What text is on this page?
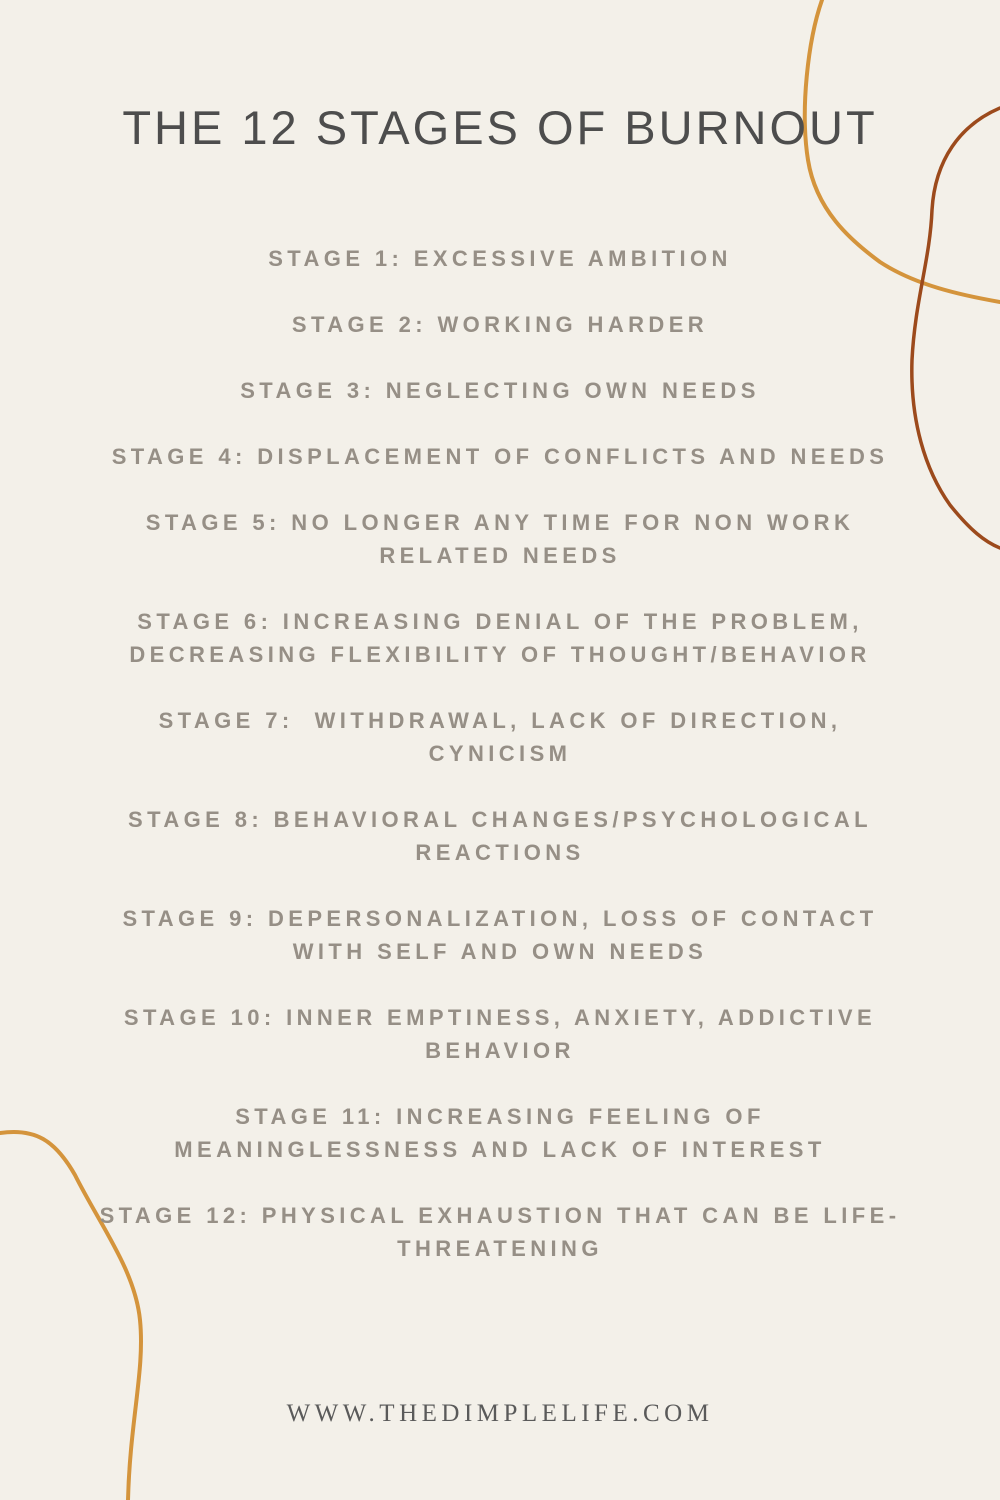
THE 12 STAGES OF BURNOUT
STAGE 1: EXCESSIVE AMBITION
STAGE 2: WORKING HARDER
STAGE 3: NEGLECTING OWN NEEDS
STAGE 4: DISPLACEMENT OF CONFLICTS AND NEEDS
STAGE 5: NO LONGER ANY TIME FOR NON WORK RELATED NEEDS
STAGE 6: INCREASING DENIAL OF THE PROBLEM, DECREASING FLEXIBILITY OF THOUGHT/BEHAVIOR
STAGE 7:  WITHDRAWAL, LACK OF DIRECTION, CYNICISM
STAGE 8: BEHAVIORAL CHANGES/PSYCHOLOGICAL REACTIONS
STAGE 9: DEPERSONALIZATION, LOSS OF CONTACT WITH SELF AND OWN NEEDS
STAGE 10: INNER EMPTINESS, ANXIETY, ADDICTIVE BEHAVIOR
STAGE 11: INCREASING FEELING OF MEANINGLESSNESS AND LACK OF INTEREST
STAGE 12: PHYSICAL EXHAUSTION THAT CAN BE LIFE-THREATENING

WWW.THEDIMPLELIFE.COM
